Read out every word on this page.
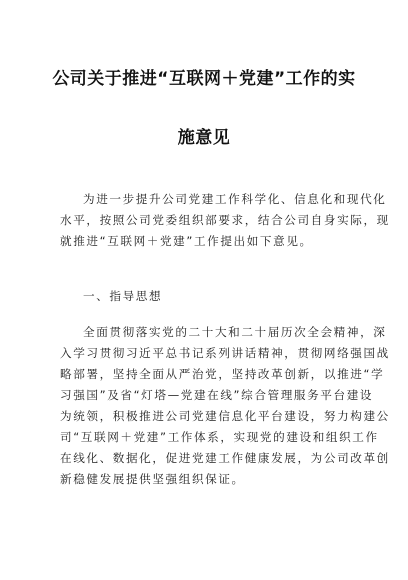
公司关于推进“互联网＋党建”工作的实
施意见
为进一步提升公司党建工作科学化、信息化和现代化
水平，按照公司党委组织部要求，结合公司自身实际，现
就推进“互联网＋党建”工作提出如下意见。
一、指导思想
全面贯彻落实党的二十大和二十届历次全会精神，深
入学习贯彻习近平总书记系列讲话精神，贯彻网络强国战
略部署，坚持全面从严治党，坚持改革创新，以推进“学
习强国”及省“灯塔—党建在线”综合管理服务平台建设
为统领，积极推进公司党建信息化平台建设，努力构建公
司“互联网＋党建”工作体系，实现党的建设和组织工作
在线化、数据化，促进党建工作健康发展，为公司改革创
新稳健发展提供坚强组织保证。
